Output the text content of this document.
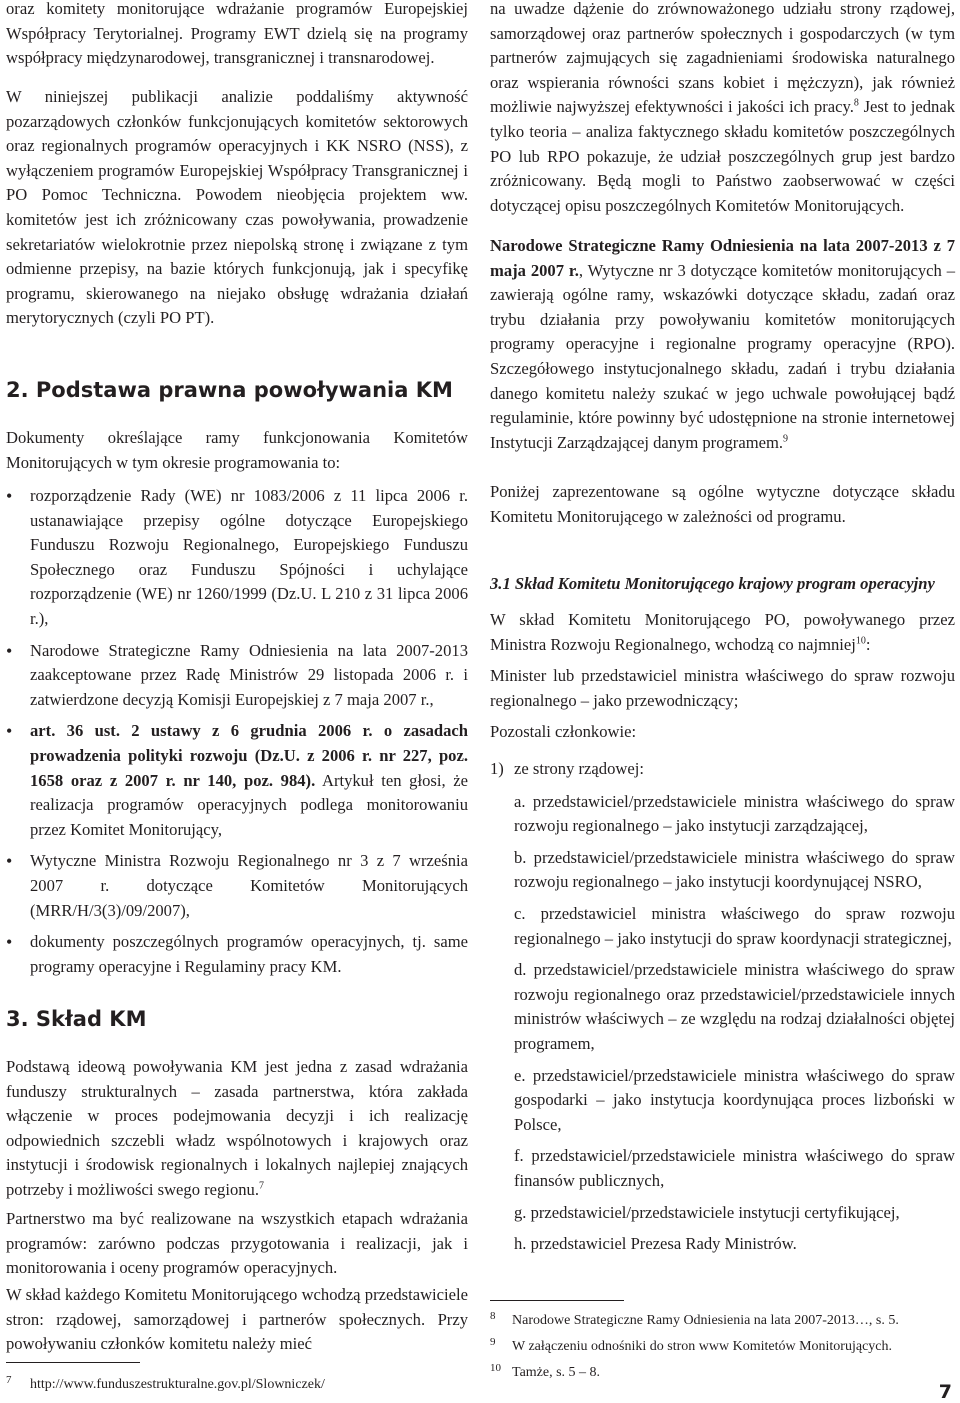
oraz komitety monitorujące wdrażanie programów Europejskiej Współpracy Terytorialnej. Programy EWT dzielą się na programy współpracy międzynarodowej, transgranicznej i transnarodowej.

W niniejszej publikacji analizie poddaliśmy aktywność pozarządowych członków funkcjonujących komitetów sektorowych oraz regionalnych programów operacyjnych i KK NSRO (NSS), z wyłączeniem programów Europejskiej Współpracy Transgranicznej i PO Pomoc Techniczna. Powodem nieobjęcia projektem ww. komitetów jest ich zróżnicowany czas powoływania, prowadzenie sekretariatów wielokrotnie przez niepolską stronę i związane z tym odmienne przepisy, na bazie których funkcjonują, jak i specyfikę programu, skierowanego na niejako obsługę wdrażania działań merytorycznych (czyli PO PT).

2. Podstawa prawna powoływania KM

Dokumenty określające ramy funkcjonowania Komitetów Monitorujących w tym okresie programowania to:

• rozporządzenie Rady (WE) nr 1083/2006 z 11 lipca 2006 r. ustanawiające przepisy ogólne dotyczące Europejskiego Funduszu Rozwoju Regionalnego, Europejskiego Funduszu Społecznego oraz Funduszu Spójności i uchylające rozporządzenie (WE) nr 1260/1999 (Dz.U. L 210 z 31 lipca 2006 r.),
• Narodowe Strategiczne Ramy Odniesienia na lata 2007-2013 zaakceptowane przez Radę Ministrów 29 listopada 2006 r. i zatwierdzone decyzją Komisji Europejskiej z 7 maja 2007 r.,
• art. 36 ust. 2 ustawy z 6 grudnia 2006 r. o zasadach prowadzenia polityki rozwoju (Dz.U. z 2006 r. nr 227, poz. 1658 oraz z 2007 r. nr 140, poz. 984). Artykuł ten głosi, że realizacja programów operacyjnych podlega monitorowaniu przez Komitet Monitorujący,
• Wytyczne Ministra Rozwoju Regionalnego nr 3 z 7 września 2007 r. dotyczące Komitetów Monitorujących (MRR/H/3(3)/09/2007),
• dokumenty poszczególnych programów operacyjnych, tj. same programy operacyjne i Regulaminy pracy KM.
3. Skład KM

Podstawą ideową powoływania KM jest jedna z zasad wdrażania funduszy strukturalnych – zasada partnerstwa, która zakłada włączenie w proces podejmowania decyzji i ich realizację odpowiednich szczebli władz wspólnotowych i krajowych oraz instytucji i środowisk regionalnych i lokalnych najlepiej znających potrzeby i możliwości swego regionu.$^7$

Partnerstwo ma być realizowane na wszystkich etapach wdrażania programów: zarówno podczas przygotowania i realizacji, jak i monitorowania i oceny programów operacyjnych.

W skład każdego Komitetu Monitorującego wchodzą przedstawiciele stron: rządowej, samorządowej i partnerów społecznych. Przy powoływaniu członków komitetu należy mieć

7 http://www.funduszestrukturalne.gov.pl/Slowniczek/

na uwadze dążenie do zrównoważonego udziału strony rządowej, samorządowej oraz partnerów społecznych i gospodarczych (w tym partnerów zajmujących się zagadnieniami środowiska naturalnego oraz wspierania równości szans kobiet i mężczyzn), jak również możliwie najwyższej efektywności i jakości ich pracy.$^8$ Jest to jednak tylko teoria – analiza faktycznego składu komitetów poszczególnych PO lub RPO pokazuje, że udział poszczególnych grup jest bardzo zróżnicowany. Będą mogli to Państwo zaobserwować w części dotyczącej opisu poszczególnych Komitetów Monitorujących.

Narodowe Strategiczne Ramy Odniesienia na lata 2007-2013 z 7 maja 2007 r., Wytyczne nr 3 dotyczące komitetów monitorujących – zawierają ogólne ramy, wskazówki dotyczące składu, zadań oraz trybu działania przy powoływaniu komitetów monitorujących programy operacyjne i regionalne programy operacyjne (RPO). Szczegółowego instytucjonalnego składu, zadań i trybu działania danego komitetu należy szukać w jego uchwale powołującej bądź regulaminie, które powinny być udostępnione na stronie internetowej Instytucji Zarządzającej danym programem.$^9$

Poniżej zaprezentowane są ogólne wytyczne dotyczące składu Komitetu Monitorującego w zależności od programu.

3.1 Skład Komitetu Monitorującego krajowy program operacyjny

W skład Komitetu Monitorującego PO, powoływanego przez Ministra Rozwoju Regionalnego, wchodzą co najmniej$^{10}$:

Minister lub przedstawiciel ministra właściwego do spraw rozwoju regionalnego – jako przewodniczący;

Pozostali członkowie:

1) ze strony rządowej:
a. przedstawiciel/przedstawiciele ministra właściwego do spraw rozwoju regionalnego – jako instytucji zarządzającej,
b. przedstawiciel/przedstawiciele ministra właściwego do spraw rozwoju regionalnego – jako instytucji koordynującej NSRO,
c. przedstawiciel ministra właściwego do spraw rozwoju regionalnego – jako instytucji do spraw koordynacji strategicznej,
d. przedstawiciel/przedstawiciele ministra właściwego do spraw rozwoju regionalnego oraz przedstawiciel/przedstawiciele innych ministrów właściwych – ze względu na rodzaj działalności objętej programem,
e. przedstawiciel/przedstawiciele ministra właściwego do spraw gospodarki – jako instytucja koordynująca proces lizboński w Polsce,
f. przedstawiciel/przedstawiciele ministra właściwego do spraw finansów publicznych,
g. przedstawiciel/przedstawiciele instytucji certyfikującej,
h. przedstawiciel Prezesa Rady Ministrów.
8 Narodowe Strategiczne Ramy Odniesienia na lata 2007-2013…, s. 5.
9 W załączeniu odnośniki do stron www Komitetów Monitorujących.
10 Tamże, s. 5 – 8.
7
